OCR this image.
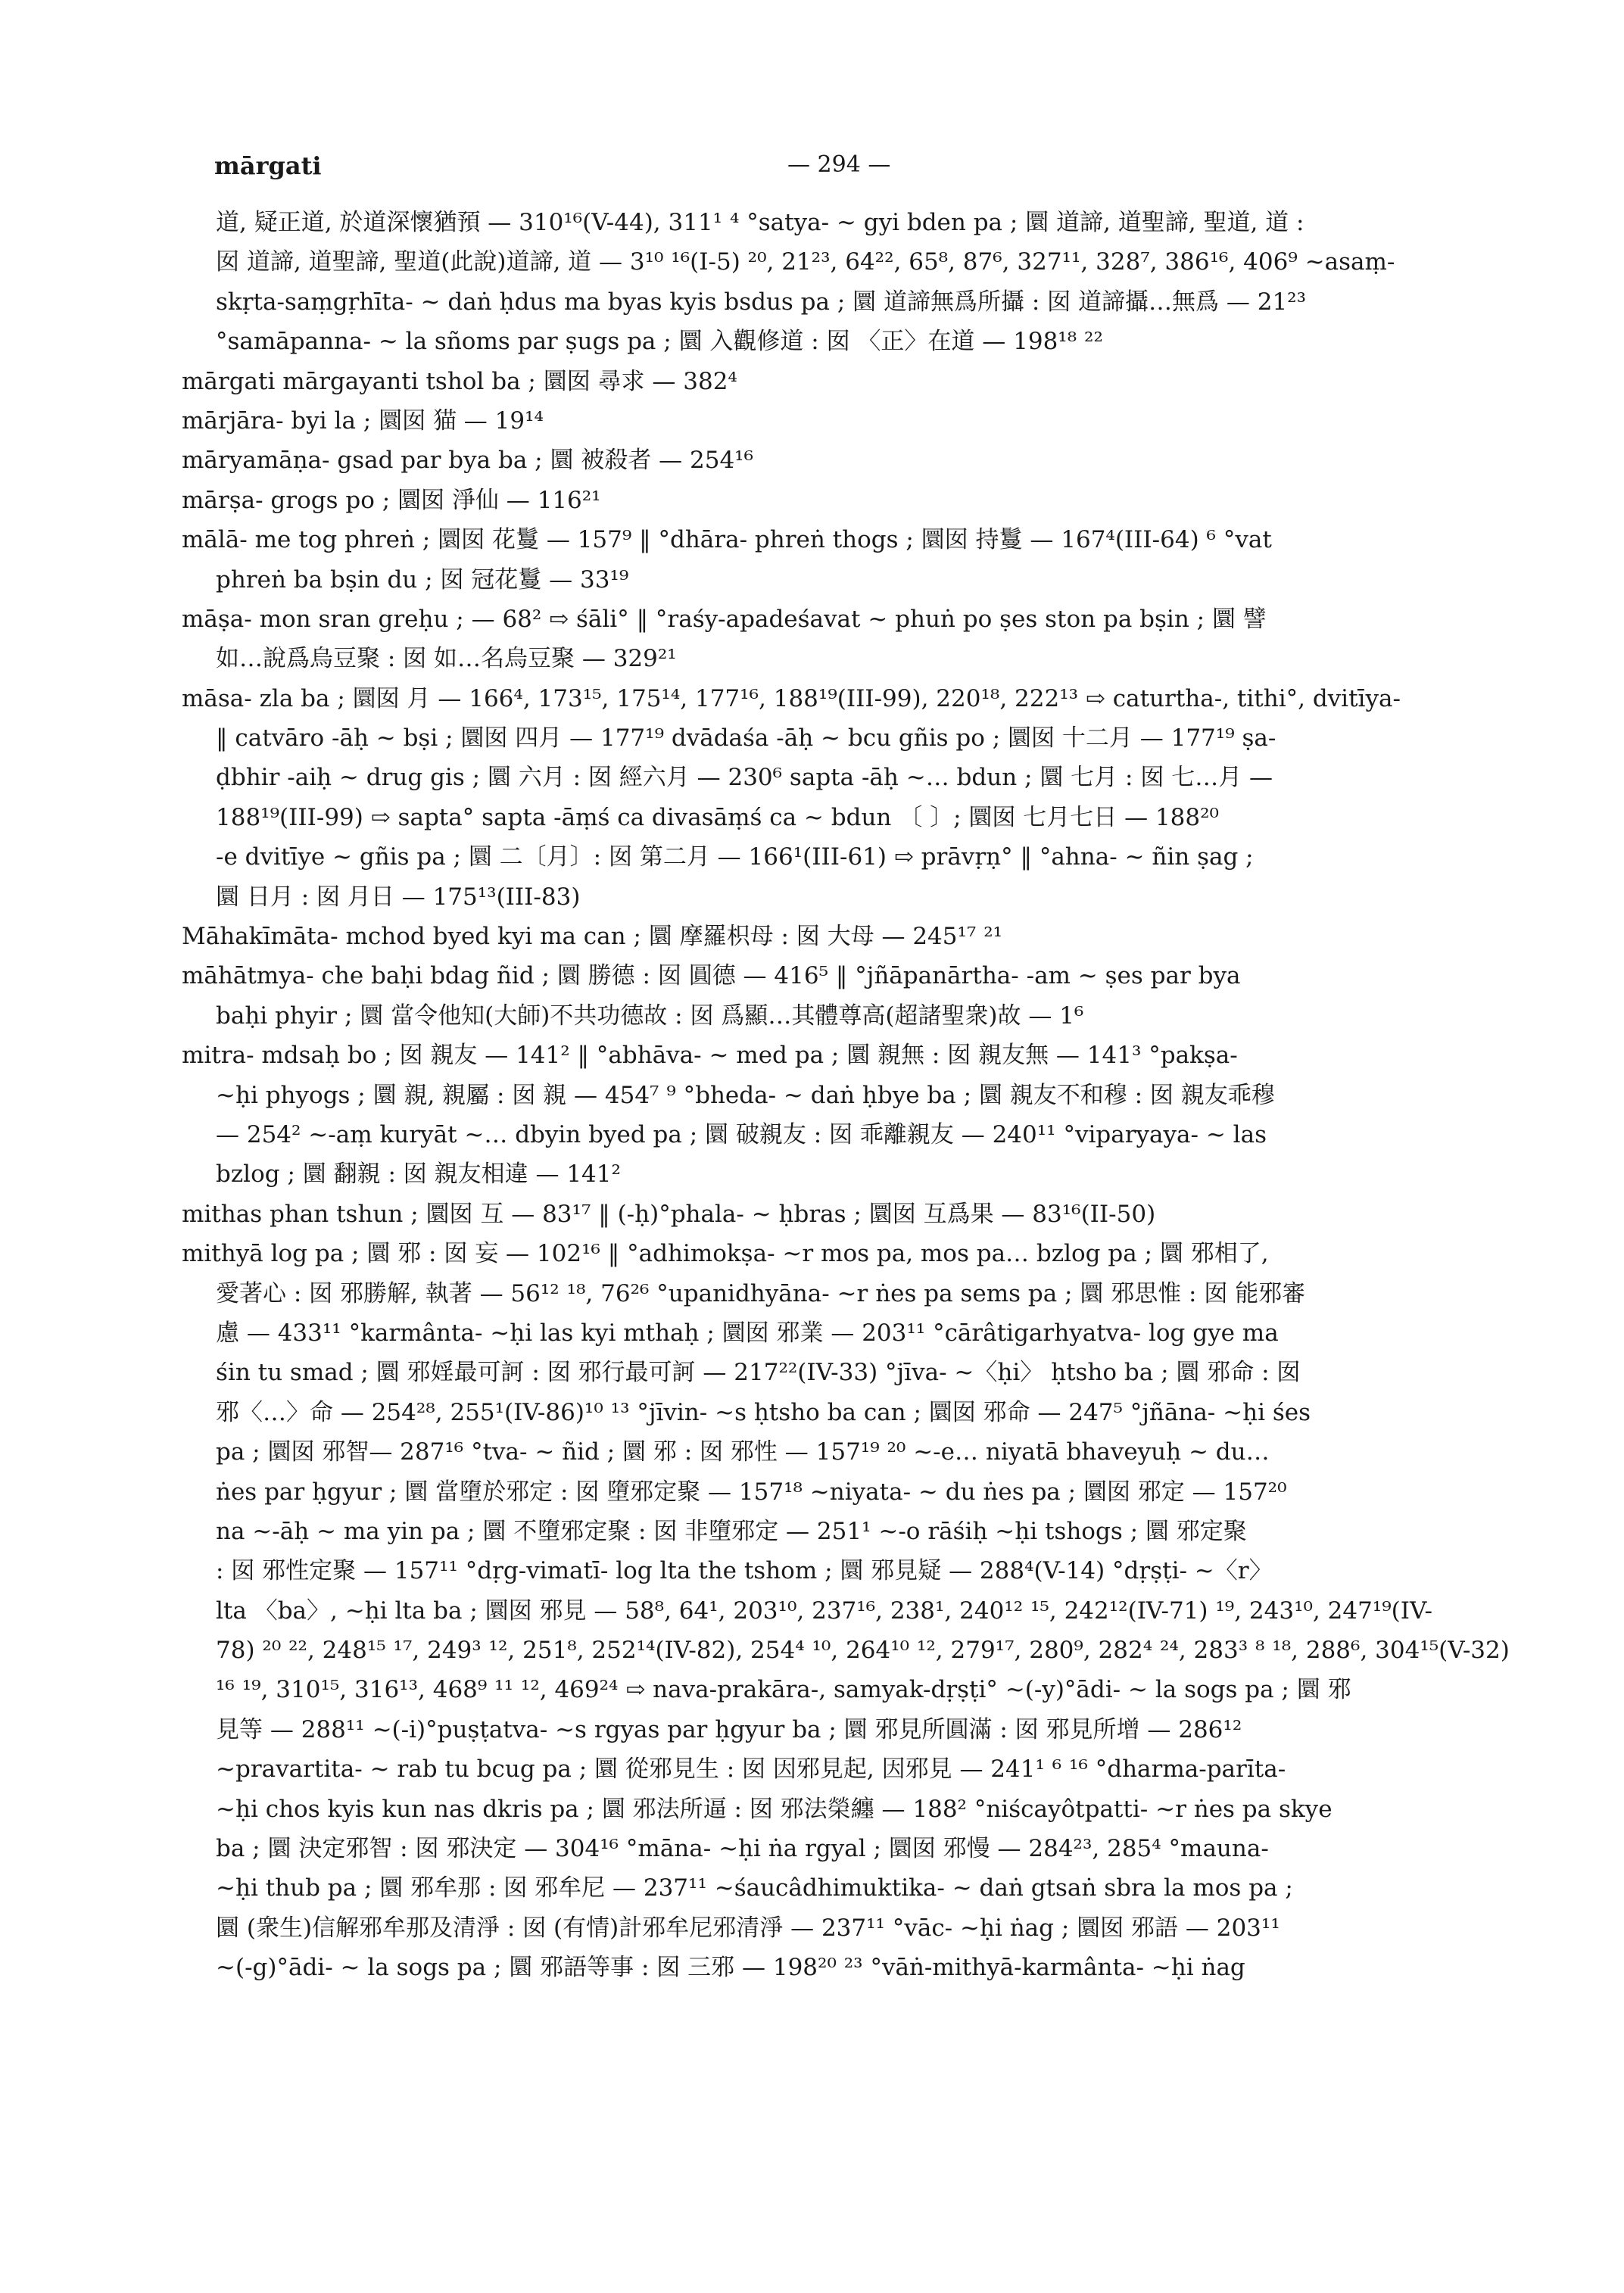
mārgati	— 294 —
道, 疑正道, 於道深懷猶預 — 310¹⁶(V-44), 311¹ ⁴ °satya- ~ gyi bden pa ; 圜 道諦, 道聖諦, 聖道, 道 :
囡 道諦, 道聖諦, 聖道(此說)道諦, 道 — 3¹⁰ ¹⁶(I-5) ²⁰, 21²³, 64²², 65⁸, 87⁶, 327¹¹, 328⁷, 386¹⁶, 406⁹ ~asaṃ-
skṛta-saṃgṛhīta- ~ daṅ ḥdus ma byas kyis bsdus pa ; 圜 道諦無爲所攝 : 囡 道諦攝…無爲 — 21²³
°samāpanna- ~ la sñoms par ṣugs pa ; 圜 入觀修道 : 囡 〈正〉在道 — 198¹⁸ ²²
mārgati mārgayanti tshol ba ; 圜囡 尋求 — 382⁴
mārjāra- byi la ; 圜囡 猫 — 19¹⁴
māryamāṇa- gsad par bya ba ; 圜 被殺者 — 254¹⁶
mārṣa- grogs po ; 圜囡 淨仙 — 116²¹
mālā- me tog phreṅ ; 圜囡 花鬘 — 157⁹ ‖ °dhāra- phreṅ thogs ; 圜囡 持鬘 — 167⁴(III-64) ⁶ °vat
phreṅ ba bṣin du ; 囡 冠花鬘 — 33¹⁹
māṣa- mon sran greḥu ; — 68² ⇨ śāli° ‖ °raśy-apadeśavat ~ phuṅ po ṣes ston pa bṣin ; 圜 譬
如…說爲烏豆聚 : 囡 如…名烏豆聚 — 329²¹
māsa- zla ba ; 圜囡 月 — 166⁴, 173¹⁵, 175¹⁴, 177¹⁶, 188¹⁹(III-99), 220¹⁸, 222¹³ ⇨ caturtha-, tithi°, dvitīya-
‖ catvāro -āḥ ~ bṣi ; 圜囡 四月 — 177¹⁹ dvādaśa -āḥ ~ bcu gñis po ; 圜囡 十二月 — 177¹⁹ ṣa-
ḍbhir -aiḥ ~ drug gis ; 圜 六月 : 囡 經六月 — 230⁶ sapta -āḥ ~… bdun ; 圜 七月 : 囡 七…月 —
188¹⁹(III-99) ⇨ sapta° sapta -āṃś ca divasāṃś ca ~ bdun 〔 〕; 圜囡 七月七日 — 188²⁰
-e dvitīye ~ gñis pa ; 圜 二〔月〕: 囡 第二月 — 166¹(III-61) ⇨ prāvṛṇ° ‖ °ahna- ~ ñin ṣag ;
圜 日月 : 囡 月日 — 175¹³(III-83)
Māhakīmāta- mchod byed kyi ma can ; 圜 摩羅枳母 : 囡 大母 — 245¹⁷ ²¹
māhātmya- che baḥi bdag ñid ; 圜 勝德 : 囡 圓德 — 416⁵ ‖ °jñāpanārtha- -am ~ ṣes par bya
baḥi phyir ; 圜 當令他知(大師)不共功德故 : 囡 爲顯…其體尊高(超諸聖衆)故 — 1⁶
mitra- mdsaḥ bo ; 囡 親友 — 141² ‖ °abhāva- ~ med pa ; 圜 親無 : 囡 親友無 — 141³ °pakṣa-
~ḥi phyogs ; 圜 親, 親屬 : 囡 親 — 454⁷ ⁹ °bheda- ~ daṅ ḥbye ba ; 圜 親友不和穆 : 囡 親友乖穆
— 254² ~-aṃ kuryāt ~… dbyin byed pa ; 圜 破親友 : 囡 乖離親友 — 240¹¹ °viparyaya- ~ las
bzlog ; 圜 翻親 : 囡 親友相違 — 141²
mithas phan tshun ; 圜囡 互 — 83¹⁷ ‖ (-ḥ)°phala- ~ ḥbras ; 圜囡 互爲果 — 83¹⁶(II-50)
mithyā log pa ; 圜 邪 : 囡 妄 — 102¹⁶ ‖ °adhimokṣa- ~r mos pa, mos pa… bzlog pa ; 圜 邪相了,
愛著心 : 囡 邪勝解, 執著 — 56¹² ¹⁸, 76²⁶ °upanidhyāna- ~r ṅes pa sems pa ; 圜 邪思惟 : 囡 能邪審
慮 — 433¹¹ °karmânta- ~ḥi las kyi mthaḥ ; 圜囡 邪業 — 203¹¹ °cārâtigarhyatva- log gye ma
śin tu smad ; 圜 邪婬最可訶 : 囡 邪行最可訶 — 217²²(IV-33) °jīva- ~〈ḥi〉 ḥtsho ba ; 圜 邪命 : 囡
邪〈…〉命 — 254²⁸, 255¹(IV-86)¹⁰ ¹³ °jīvin- ~s ḥtsho ba can ; 圜囡 邪命 — 247⁵ °jñāna- ~ḥi śes
pa ; 圜囡 邪智— 287¹⁶ °tva- ~ ñid ; 圜 邪 : 囡 邪性 — 157¹⁹ ²⁰ ~-e… niyatā bhaveyuḥ ~ du…
ṅes par ḥgyur ; 圜 當墮於邪定 : 囡 墮邪定聚 — 157¹⁸ ~niyata- ~ du ṅes pa ; 圜囡 邪定 — 157²⁰
na ~-āḥ ~ ma yin pa ; 圜 不墮邪定聚 : 囡 非墮邪定 — 251¹ ~-o rāśiḥ ~ḥi tshogs ; 圜 邪定聚
: 囡 邪性定聚 — 157¹¹ °dṛg-vimatī- log lta the tshom ; 圜 邪見疑 — 288⁴(V-14) °dṛṣṭi- ~〈r〉
lta 〈ba〉, ~ḥi lta ba ; 圜囡 邪見 — 58⁸, 64¹, 203¹⁰, 237¹⁶, 238¹, 240¹² ¹⁵, 242¹²(IV-71) ¹⁹, 243¹⁰, 247¹⁹(IV-
78) ²⁰ ²², 248¹⁵ ¹⁷, 249³ ¹², 251⁸, 252¹⁴(IV-82), 254⁴ ¹⁰, 264¹⁰ ¹², 279¹⁷, 280⁹, 282⁴ ²⁴, 283³ ⁸ ¹⁸, 288⁶, 304¹⁵(V-32)
¹⁶ ¹⁹, 310¹⁵, 316¹³, 468⁹ ¹¹ ¹², 469²⁴ ⇨ nava-prakāra-, samyak-dṛṣṭi° ~(-y)°ādi- ~ la sogs pa ; 圜 邪
見等 — 288¹¹ ~(-i)°puṣṭatva- ~s rgyas par ḥgyur ba ; 圜 邪見所圓滿 : 囡 邪見所增 — 286¹²
~pravartita- ~ rab tu bcug pa ; 圜 從邪見生 : 囡 因邪見起, 因邪見 — 241¹ ⁶ ¹⁶ °dharma-parīta-
~ḥi chos kyis kun nas dkris pa ; 圜 邪法所逼 : 囡 邪法榮纏 — 188² °niścayôtpatti- ~r ṅes pa skye
ba ; 圜 決定邪智 : 囡 邪決定 — 304¹⁶ °māna- ~ḥi ṅa rgyal ; 圜囡 邪慢 — 284²³, 285⁴ °mauna-
~ḥi thub pa ; 圜 邪牟那 : 囡 邪牟尼 — 237¹¹ ~śaucâdhimuktika- ~ daṅ gtsaṅ sbra la mos pa ;
圜 (衆生)信解邪牟那及清淨 : 囡 (有情)計邪牟尼邪清淨 — 237¹¹ °vāc- ~ḥi ṅag ; 圜囡 邪語 — 203¹¹
~(-g)°ādi- ~ la sogs pa ; 圜 邪語等事 : 囡 三邪 — 198²⁰ ²³ °vāṅ-mithyā-karmânta- ~ḥi ṅag
